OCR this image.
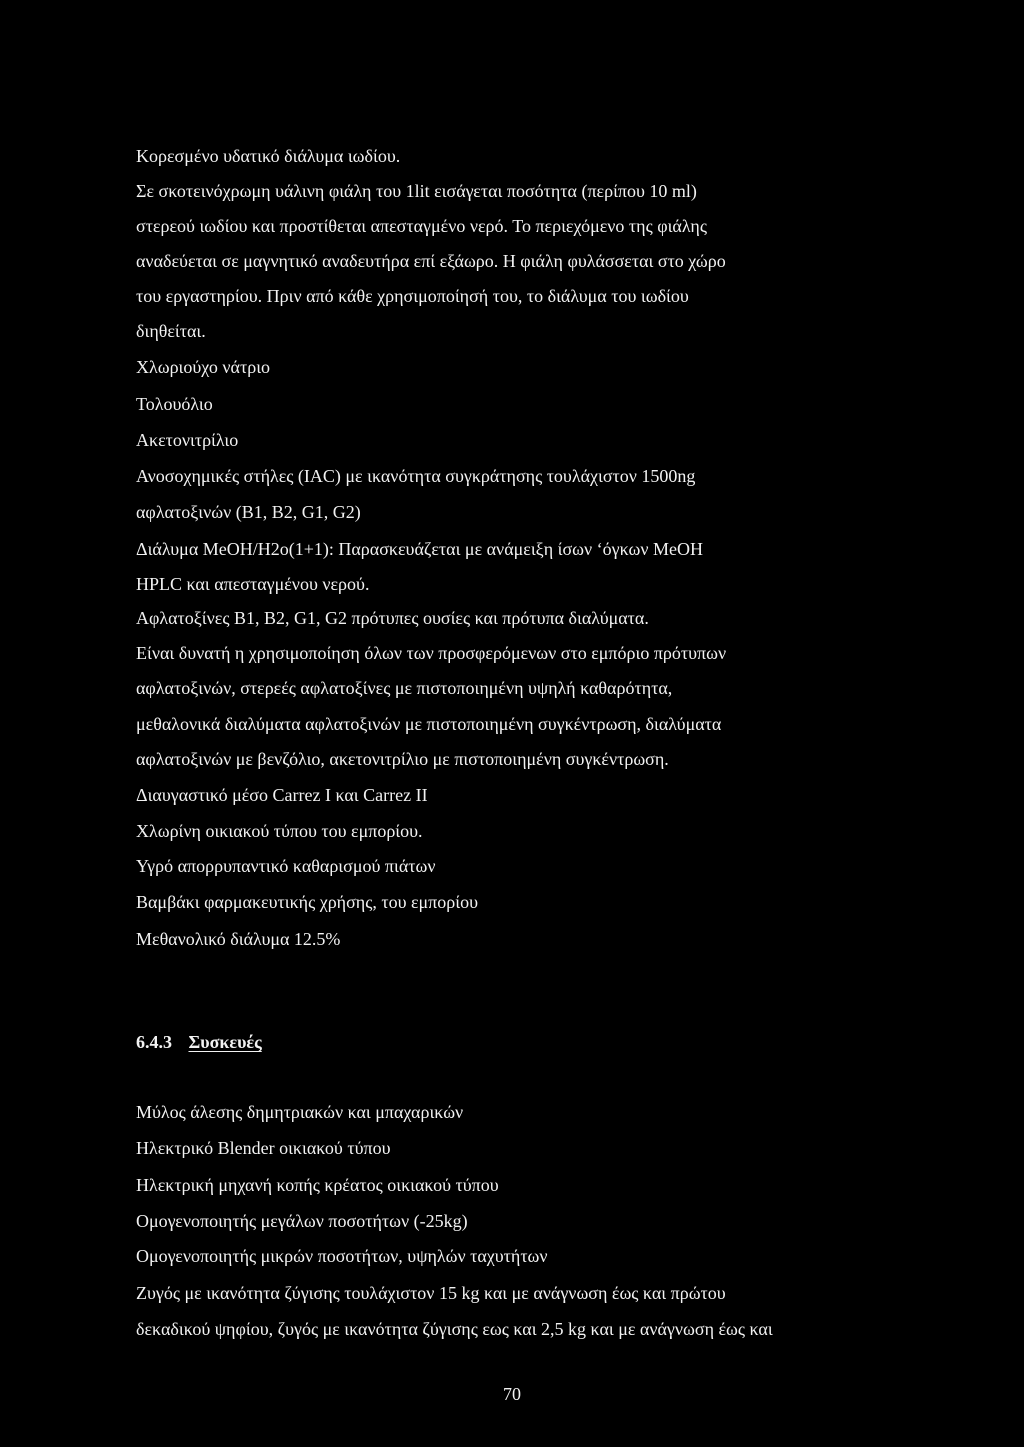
Κορεσμένο υδατικό διάλυμα ιωδίου.
Σε σκοτεινόχρωμη υάλινη φιάλη του 1lit εισάγεται ποσότητα (περίπου 10 ml)
στερεού ιωδίου και προστίθεται απεσταγμένο νερό. Το περιεχόμενο της φιάλης
αναδεύεται σε μαγνητικό αναδευτήρα επί εξάωρο. Η φιάλη φυλάσσεται στο χώρο
του εργαστηρίου. Πριν από κάθε χρησιμοποίησή του, το διάλυμα του ιωδίου
διηθείται.
Χλωριούχο νάτριο
Τολουόλιο
Ακετονιτρίλιο
Ανοσοχημικές στήλες (IAC) με ικανότητα συγκράτησης τουλάχιστον 1500ng
αφλατοξινών (B1, B2, G1, G2)
Διάλυμα MeOH/H2o(1+1): Παρασκευάζεται με ανάμειξη ίσων ‘όγκων MeOH
HPLC και απεσταγμένου νερού.
Αφλατοξίνες B1, B2, G1, G2 πρότυπες ουσίες και πρότυπα διαλύματα.
Είναι δυνατή η χρησιμοποίηση όλων των προσφερόμενων στο εμπόριο πρότυπων
αφλατοξινών, στερεές αφλατοξίνες με πιστοποιημένη υψηλή καθαρότητα,
μεθαλονικά διαλύματα αφλατοξινών με πιστοποιημένη συγκέντρωση, διαλύματα
αφλατοξινών με βενζόλιο, ακετονιτρίλιο με πιστοποιημένη συγκέντρωση.
Διαυγαστικό μέσο Carrez I και Carrez II
Χλωρίνη οικιακού τύπου του εμπορίου.
Υγρό απορρυπαντικό καθαρισμού πιάτων
Βαμβάκι φαρμακευτικής χρήσης, του εμπορίου
Μεθανολικό διάλυμα 12.5%
6.4.3 Συσκευές
Μύλος άλεσης δημητριακών και μπαχαρικών
Ηλεκτρικό Blender οικιακού τύπου
Ηλεκτρική μηχανή κοπής κρέατος οικιακού τύπου
Ομογενοποιητής μεγάλων ποσοτήτων (-25kg)
Ομογενοποιητής μικρών ποσοτήτων, υψηλών ταχυτήτων
Ζυγός με ικανότητα ζύγισης τουλάχιστον 15 kg και με ανάγνωση έως και πρώτου
δεκαδικού ψηφίου, ζυγός με ικανότητα ζύγισης εως και 2,5 kg και με ανάγνωση έως και
70
